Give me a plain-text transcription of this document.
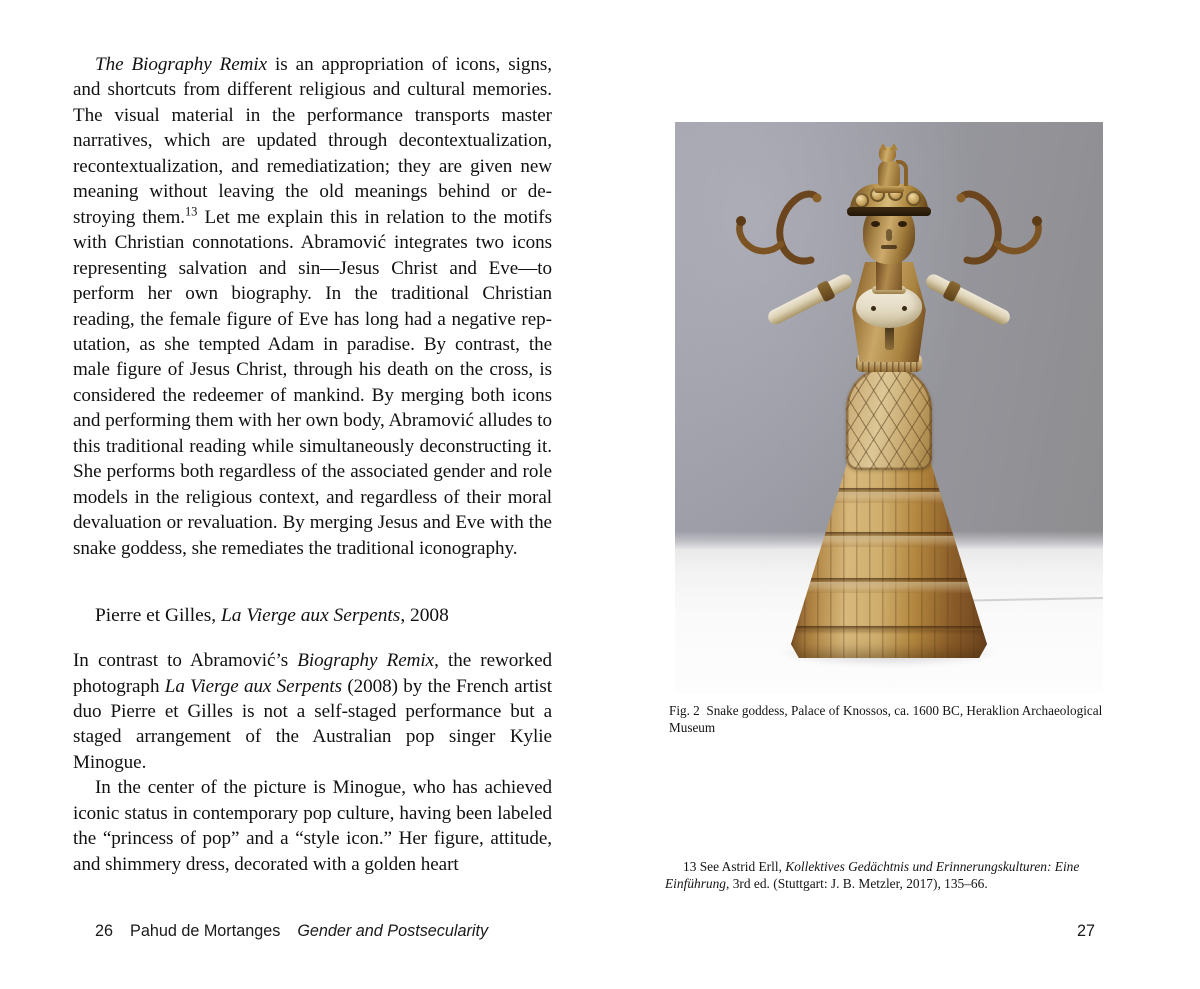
The Biography Remix is an appropriation of icons, signs, and shortcuts from different religious and cultural memories. The visual material in the performance transports master narratives, which are updated through decontextualization, recontextualization, and remediatization; they are given new meaning without leaving the old meanings behind or destroying them.$^{13}$ Let me explain this in relation to the motifs with Christian connotations. Abramović integrates two icons representing salvation and sin—Jesus Christ and Eve—to perform her own biography. In the traditional Christian reading, the female figure of Eve has long had a negative reputation, as she tempted Adam in paradise. By contrast, the male figure of Jesus Christ, through his death on the cross, is considered the redeemer of mankind. By merging both icons and performing them with her own body, Abramović alludes to this traditional reading while simultaneously deconstructing it. She performs both regardless of the associated gender and role models in the religious context, and regardless of their moral devaluation or revaluation. By merging Jesus and Eve with the snake goddess, she remediates the traditional iconography.

Pierre et Gilles, La Vierge aux Serpents, 2008

In contrast to Abramović’s Biography Remix, the reworked photograph La Vierge aux Serpents (2008) by the French artist duo Pierre et Gilles is not a self-staged performance but a staged arrangement of the Australian pop singer Kylie Minogue.

In the center of the picture is Minogue, who has achieved iconic status in contemporary pop culture, having been labeled the “princess of pop” and a “style icon.” Her figure, attitude, and shimmery dress, decorated with a golden heart

Fig. 2 Snake goddess, Palace of Knossos, ca. 1600 BC, Heraklion Archaeological Museum
13 See Astrid Erll, Kollektives Gedächtnis und Erinnerungskulturen: Eine Einführung, 3rd ed. (Stuttgart: J. B. Metzler, 2017), 135–66.
26 Pahud de Mortanges Gender and Postsecularity	27
